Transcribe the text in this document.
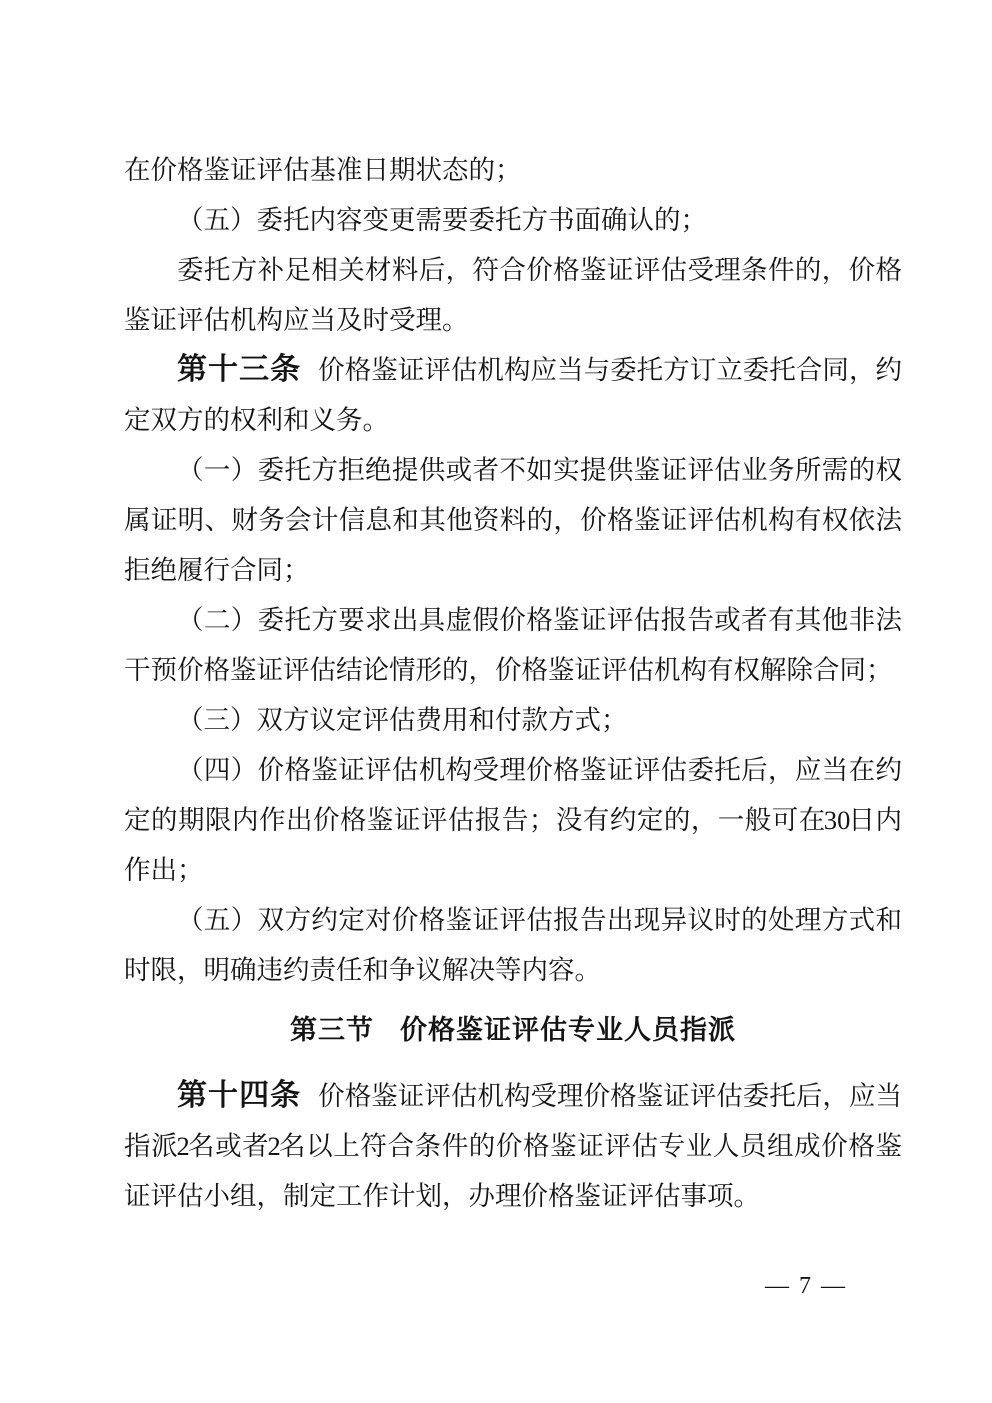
在价格鉴证评估基准日期状态的；

（五）委托内容变更需要委托方书面确认的；

委托方补足相关材料后，符合价格鉴证评估受理条件的，价格鉴证评估机构应当及时受理。

第十三条 价格鉴证评估机构应当与委托方订立委托合同，约定双方的权利和义务。

（一）委托方拒绝提供或者不如实提供鉴证评估业务所需的权属证明、财务会计信息和其他资料的，价格鉴证评估机构有权依法拒绝履行合同；

（二）委托方要求出具虚假价格鉴证评估报告或者有其他非法干预价格鉴证评估结论情形的，价格鉴证评估机构有权解除合同；

（三）双方议定评估费用和付款方式；

（四）价格鉴证评估机构受理价格鉴证评估委托后，应当在约定的期限内作出价格鉴证评估报告；没有约定的，一般可在 30 日内作出；

（五）双方约定对价格鉴证评估报告出现异议时的处理方式和时限，明确违约责任和争议解决等内容。

第三节 价格鉴证评估专业人员指派

第十四条 价格鉴证评估机构受理价格鉴证评估委托后，应当指派 2 名或者 2 名以上符合条件的价格鉴证评估专业人员组成价格鉴证评估小组，制定工作计划，办理价格鉴证评估事项。

— 7 —
